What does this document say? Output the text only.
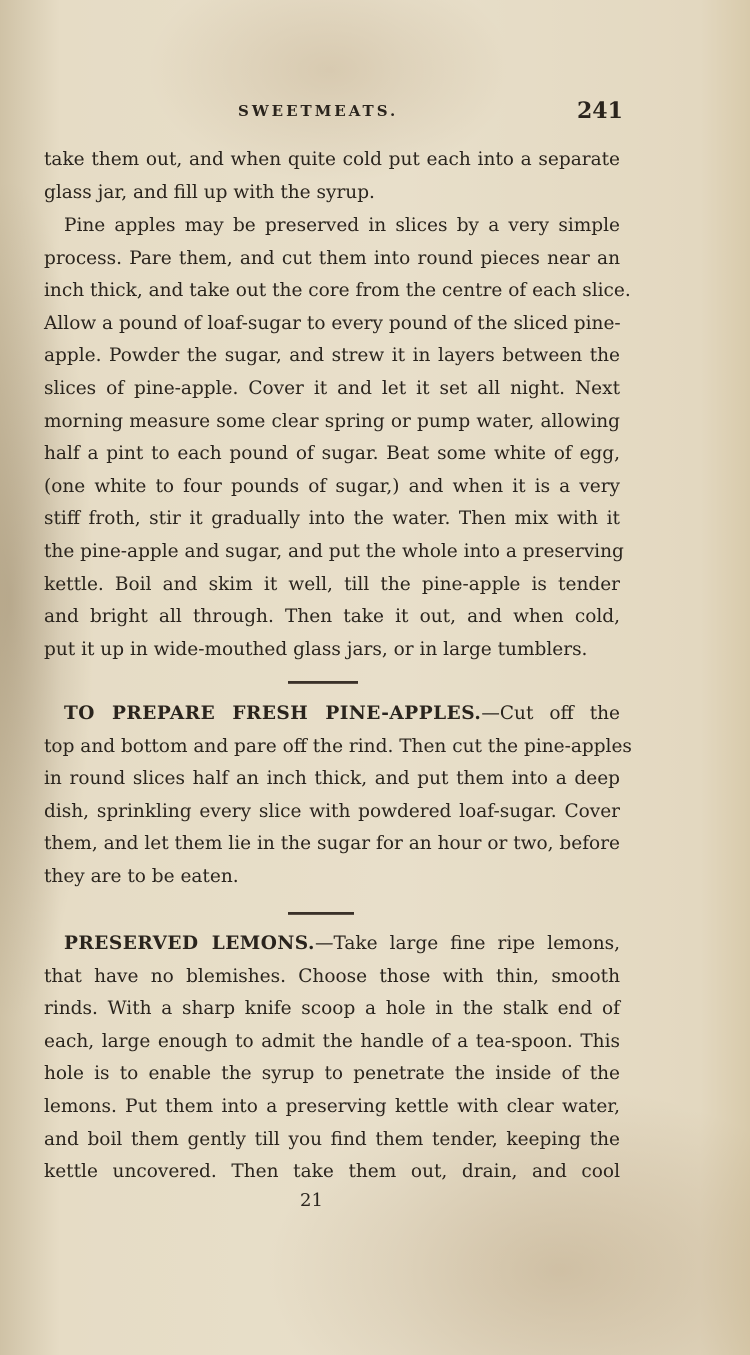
SWEETMEATS.	241
take them out, and when quite cold put each into a separate
glass jar, and fill up with the syrup.
Pine apples may be preserved in slices by a very simple
process. Pare them, and cut them into round pieces near an
inch thick, and take out the core from the centre of each slice.
Allow a pound of loaf-sugar to every pound of the sliced pine-
apple. Powder the sugar, and strew it in layers between the
slices of pine-apple. Cover it and let it set all night. Next
morning measure some clear spring or pump water, allowing
half a pint to each pound of sugar. Beat some white of egg,
(one white to four pounds of sugar,) and when it is a very
stiff froth, stir it gradually into the water. Then mix with it
the pine-apple and sugar, and put the whole into a preserving
kettle. Boil and skim it well, till the pine-apple is tender
and bright all through. Then take it out, and when cold,
put it up in wide-mouthed glass jars, or in large tumblers.
TO PREPARE FRESH PINE-APPLES.—Cut off the
top and bottom and pare off the rind. Then cut the pine-apples
in round slices half an inch thick, and put them into a deep
dish, sprinkling every slice with powdered loaf-sugar. Cover
them, and let them lie in the sugar for an hour or two, before
they are to be eaten.
PRESERVED LEMONS.—Take large fine ripe lemons,
that have no blemishes. Choose those with thin, smooth
rinds. With a sharp knife scoop a hole in the stalk end of
each, large enough to admit the handle of a tea-spoon. This
hole is to enable the syrup to penetrate the inside of the
lemons. Put them into a preserving kettle with clear water,
and boil them gently till you find them tender, keeping the
kettle uncovered. Then take them out, drain, and cool
21
